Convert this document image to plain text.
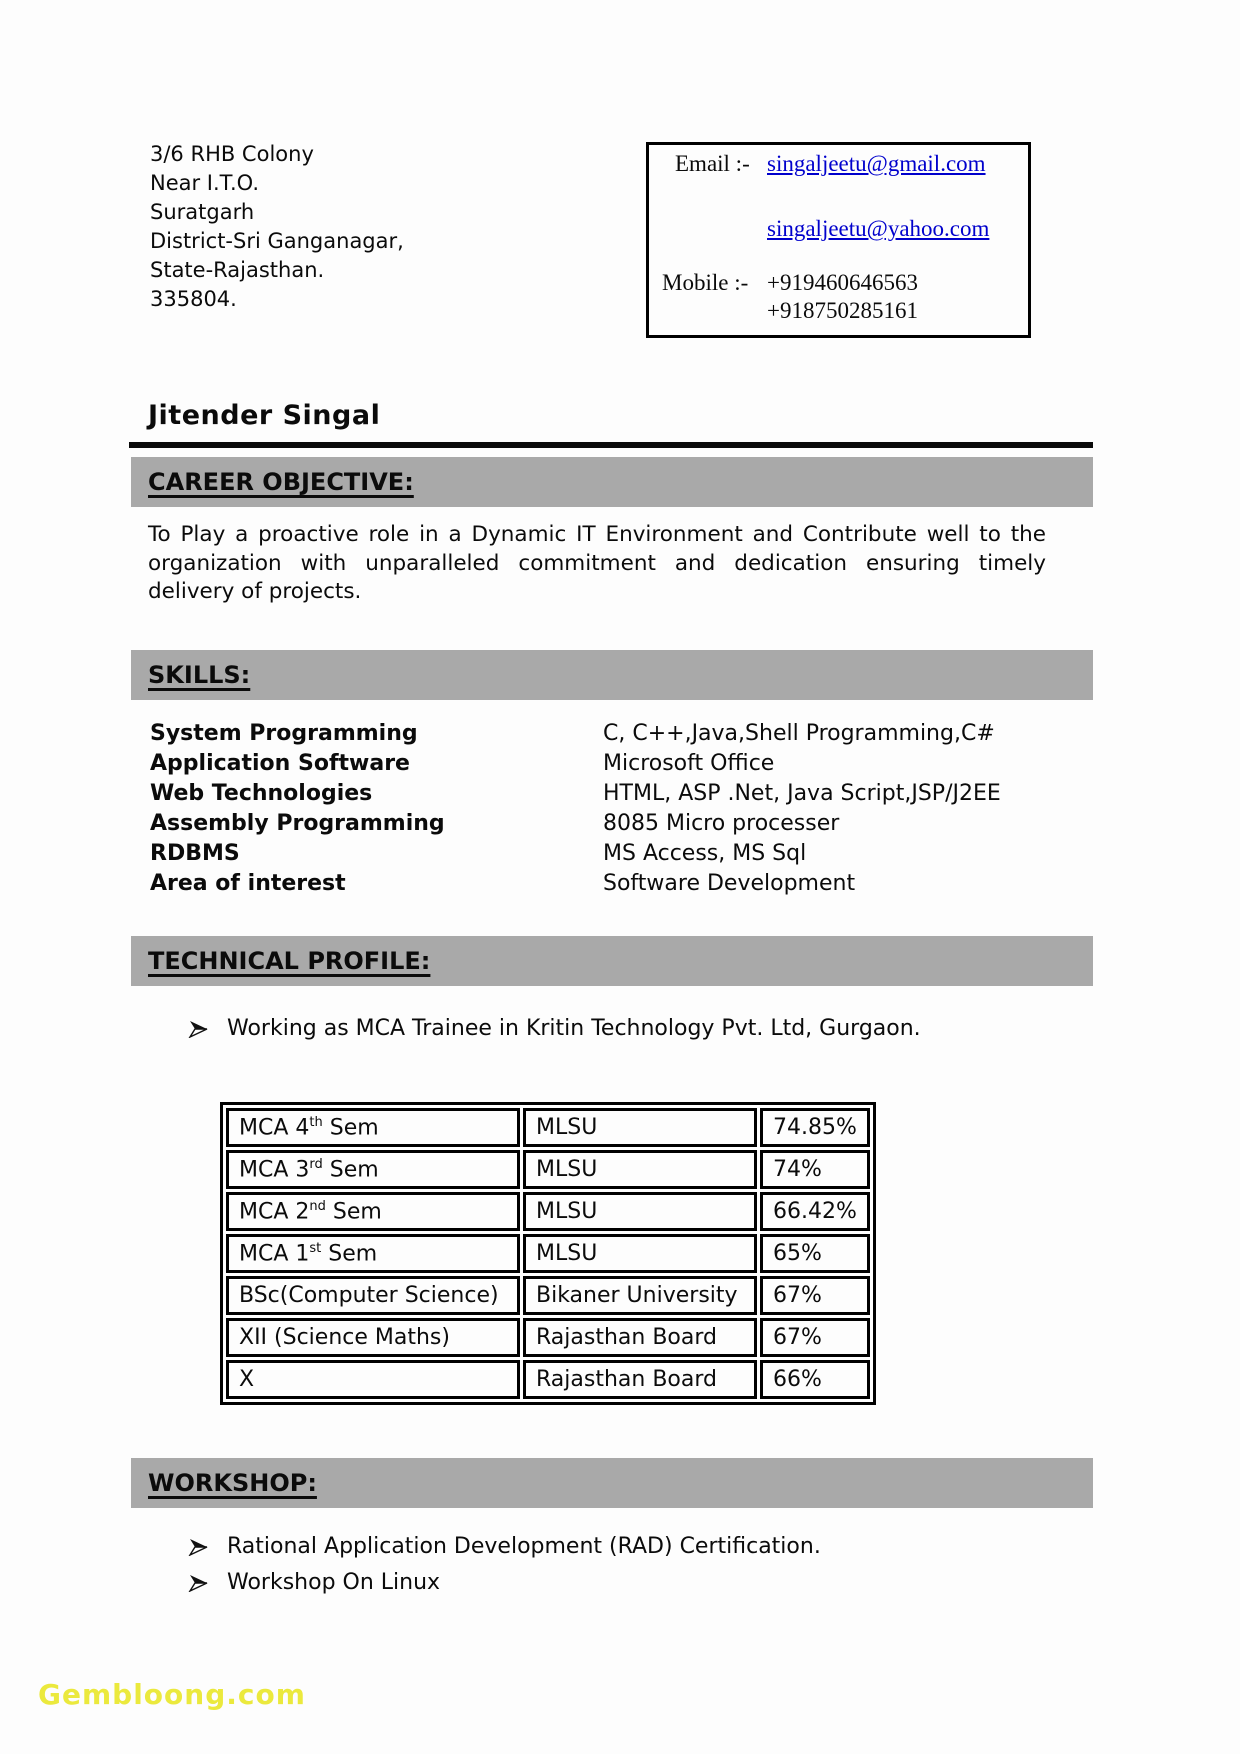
3/6 RHB Colony
Near I.T.O.
Suratgarh
District-Sri Ganganagar,
State-Rajasthan.
335804.
Email :- singaljeetu@gmail.com
singaljeetu@yahoo.com
Mobile :- +919460646563
+918750285161
Jitender Singal
CAREER OBJECTIVE:
To Play a proactive role in a Dynamic IT Environment and Contribute well to the organization with unparalleled commitment and dedication ensuring timely delivery of projects.
SKILLS:
System Programming	C, C++,Java,Shell Programming,C#
Application Software	Microsoft Office
Web Technologies	HTML, ASP .Net, Java Script,JSP/J2EE
Assembly Programming	8085 Micro processer
RDBMS	MS Access, MS Sql
Area of interest	Software Development
TECHNICAL PROFILE:
Working as MCA Trainee in Kritin Technology Pvt. Ltd, Gurgaon.
MCA 4th Sem	MLSU	74.85%
MCA 3rd Sem	MLSU	74%
MCA 2nd Sem	MLSU	66.42%
MCA 1st Sem	MLSU	65%
BSc(Computer Science)	Bikaner University	67%
XII (Science Maths)	Rajasthan Board	67%
X	Rajasthan Board	66%
WORKSHOP:
Rational Application Development (RAD) Certification.
Workshop On Linux
Gembloong.com
